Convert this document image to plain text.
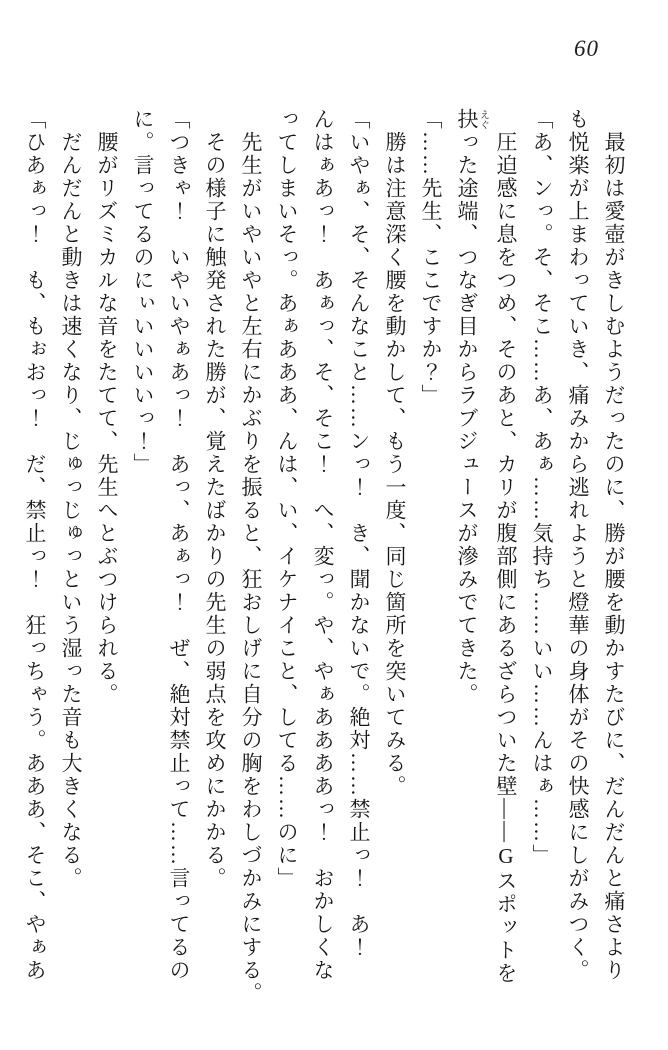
60

　最初は愛壺がきしむようだったのに、勝が腰を動かすたびに、だんだんと痛さより

も悦楽が上まわっていき、痛みから逃れようと燈華の身体がその快感にしがみつく。

「あ、ンっ。そ、そこ……あ、あぁ……気持ち……いい……んはぁ……」

　圧迫感に息をつめ、そのあと、カリが腹部側にあるざらついた壁――Gスポットを

抉えぐった途端、つなぎ目からラブジュースが滲みでてきた。

「……先生、ここですか？」

　勝は注意深く腰を動かして、もう一度、同じ箇所を突いてみる。

「いやぁ、そ、そんなこと……ンっ！　き、聞かないで。絶対……禁止っ！　あ！

んはぁあっ！　あぁっ、そ、そこ！　へ、変っ。や、やぁああああっ！　おかしくな

ってしまいそっ。あぁあああ、んは、い、イケナイこと、してる……のに」

　先生がいやいやと左右にかぶりを振ると、狂おしげに自分の胸をわしづかみにする。

　その様子に触発された勝が、覚えたばかりの先生の弱点を攻めにかかる。

「つきゃ！　いやいやぁあっ！　あっ、あぁっ！　ぜ、絶対禁止って……言ってるの

に。言ってるのにぃいいいいっ！」

　腰がリズミカルな音をたてて、先生へとぶつけられる。

　だんだんと動きは速くなり、じゅっじゅっという湿った音も大きくなる。

「ひあぁっ！　も、もぉおっ！　だ、禁止っ！　狂っちゃう。あああ、そこ、やぁあ
